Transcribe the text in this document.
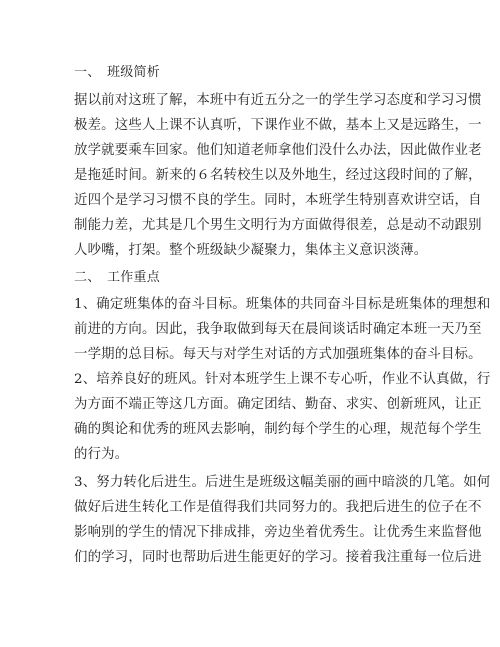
一、　班级简析
据以前对这班了解，本班中有近五分之一的学生学习态度和学习习惯
极差。这些人上课不认真听，下课作业不做，基本上又是远路生，一
放学就要乘车回家。他们知道老师拿他们没什么办法，因此做作业老
是拖延时间。新来的６名转校生以及外地生，经过这段时间的了解，
近四个是学习习惯不良的学生。同时，本班学生特别喜欢讲空话，自
制能力差，尤其是几个男生文明行为方面做得很差，总是动不动跟别
人吵嘴，打架。整个班级缺少凝聚力，集体主义意识淡薄。
二、　工作重点
1、确定班集体的奋斗目标。班集体的共同奋斗目标是班集体的理想和
前进的方向。因此，我争取做到每天在晨间谈话时确定本班一天乃至
一学期的总目标。每天与对学生对话的方式加强班集体的奋斗目标。
2、培养良好的班风。针对本班学生上课不专心听，作业不认真做，行
为方面不端正等这几方面。确定团结、勤奋、求实、创新班风，让正
确的舆论和优秀的班风去影响，制约每个学生的心理，规范每个学生
的行为。
3、努力转化后进生。后进生是班级这幅美丽的画中暗淡的几笔。如何
做好后进生转化工作是值得我们共同努力的。我把后进生的位子在不
影响别的学生的情况下排成排，旁边坐着优秀生。让优秀生来监督他
们的学习，同时也帮助后进生能更好的学习。接着我注重每一位后进
